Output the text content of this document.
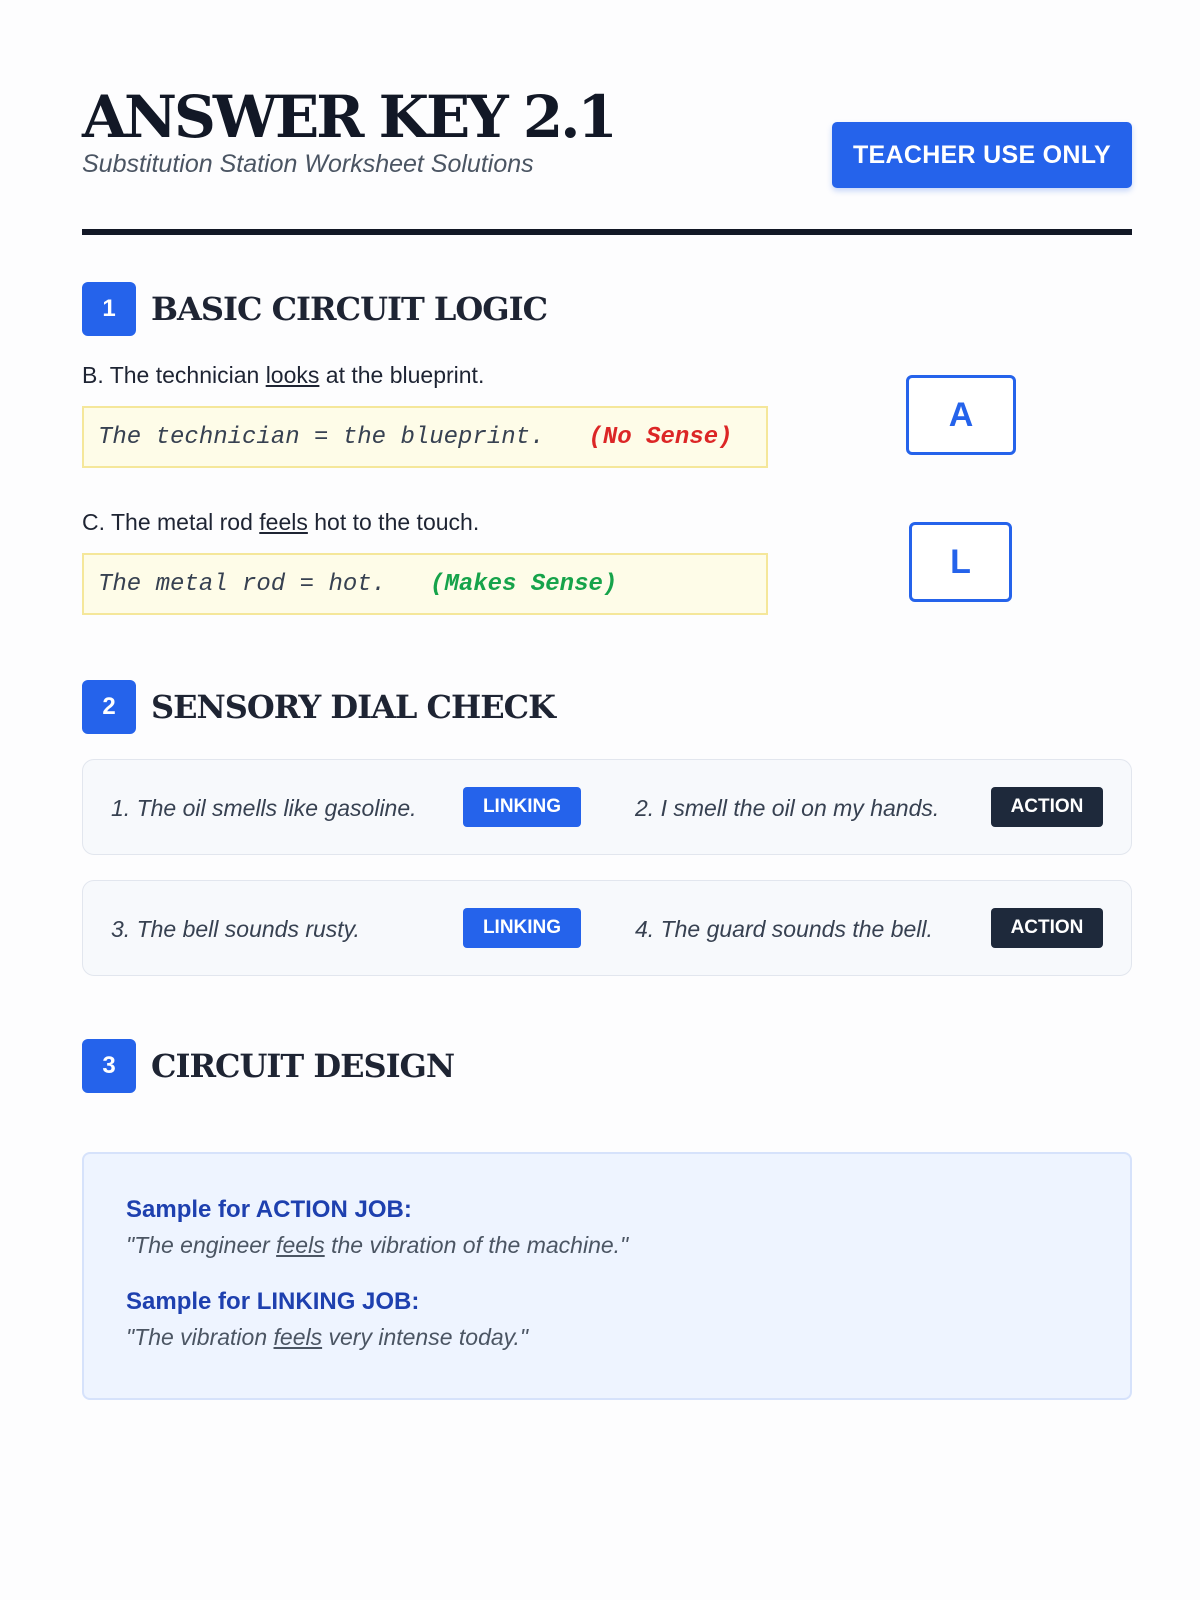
ANSWER KEY 2.1
Substitution Station Worksheet Solutions	TEACHER USE ONLY
1	BASIC CIRCUIT LOGIC
B. The technician looks at the blueprint.
The technician = the blueprint. (No Sense)
A
C. The metal rod feels hot to the touch.
The metal rod = hot. (Makes Sense)
L
2	SENSORY DIAL CHECK
1. The oil smells like gasoline.	LINKING	2. I smell the oil on my hands.	ACTION
3. The bell sounds rusty.	LINKING	4. The guard sounds the bell.	ACTION
3	CIRCUIT DESIGN
Sample for ACTION JOB:
"The engineer feels the vibration of the machine."
Sample for LINKING JOB:
"The vibration feels very intense today."
